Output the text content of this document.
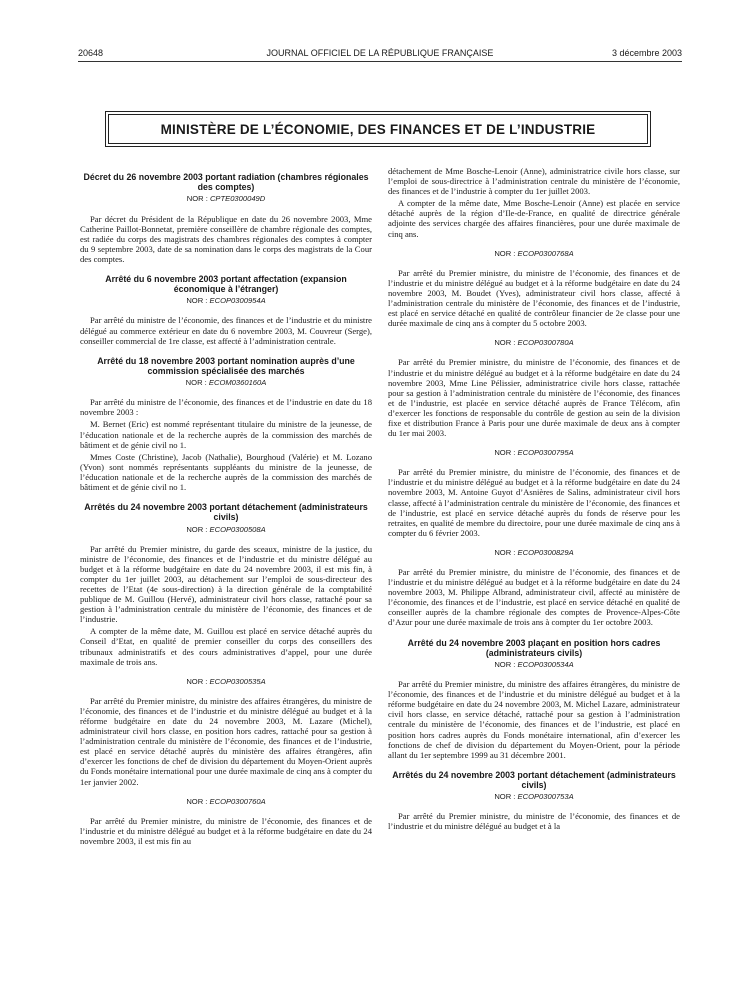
20648	JOURNAL OFFICIEL DE LA RÉPUBLIQUE FRANÇAISE	3 décembre 2003
MINISTÈRE DE L’ÉCONOMIE, DES FINANCES ET DE L’INDUSTRIE
Décret du 26 novembre 2003 portant radiation (chambres régionales des comptes)
NOR : CPTE0300049D

Par décret du Président de la République en date du 26 novembre 2003, Mme Catherine Paillot-Bonnetat, première conseillère de chambre régionale des comptes, est radiée du corps des magistrats des chambres régionales des comptes à compter du 9 septembre 2003, date de sa nomination dans le corps des magistrats de la Cour des comptes.

Arrêté du 6 novembre 2003 portant affectation (expansion économique à l’étranger)
NOR : ECOP0300954A

Par arrêté du ministre de l’économie, des finances et de l’industrie et du ministre délégué au commerce extérieur en date du 6 novembre 2003, M. Couvreur (Serge), conseiller commercial de 1re classe, est affecté à l’administration centrale.

Arrêté du 18 novembre 2003 portant nomination auprès d’une commission spécialisée des marchés
NOR : ECOM0360160A

Par arrêté du ministre de l’économie, des finances et de l’industrie en date du 18 novembre 2003 :

M. Bernet (Eric) est nommé représentant titulaire du ministre de la jeunesse, de l’éducation nationale et de la recherche auprès de la commission des marchés de bâtiment et de génie civil no 1.

Mmes Coste (Christine), Jacob (Nathalie), Bourghoud (Valérie) et M. Lozano (Yvon) sont nommés représentants suppléants du ministre de la jeunesse, de l’éducation nationale et de la recherche auprès de la commission des marchés de bâtiment et de génie civil no 1.

Arrêtés du 24 novembre 2003 portant détachement (administrateurs civils)
NOR : ECOP0300508A

Par arrêté du Premier ministre, du garde des sceaux, ministre de la justice, du ministre de l’économie, des finances et de l’industrie et du ministre délégué au budget et à la réforme budgétaire en date du 24 novembre 2003, il est mis fin, à compter du 1er juillet 2003, au détachement sur l’emploi de sous-directeur des recettes de l’Etat (4e sous-direction) à la direction générale de la comptabilité publique de M. Guillou (Hervé), administrateur civil hors classe, rattaché pour sa gestion à l’administration centrale du ministère de l’économie, des finances et de l’industrie.

A compter de la même date, M. Guillou est placé en service détaché auprès du Conseil d’Etat, en qualité de premier conseiller du corps des conseillers des tribunaux administratifs et des cours administratives d’appel, pour une durée maximale de trois ans.

NOR : ECOP0300535A

Par arrêté du Premier ministre, du ministre des affaires étrangères, du ministre de l’économie, des finances et de l’industrie et du ministre délégué au budget et à la réforme budgétaire en date du 24 novembre 2003, M. Lazare (Michel), administrateur civil hors classe, en position hors cadres, rattaché pour sa gestion à l’administration centrale du ministère de l’économie, des finances et de l’industrie, est placé en service détaché auprès du ministère des affaires étrangères, afin d’exercer les fonctions de chef de division du département du Moyen-Orient auprès du Fonds monétaire international pour une durée maximale de cinq ans à compter du 1er janvier 2002.

NOR : ECOP0300760A

Par arrêté du Premier ministre, du ministre de l’économie, des finances et de l’industrie et du ministre délégué au budget et à la réforme budgétaire en date du 24 novembre 2003, il est mis fin au

détachement de Mme Bosche-Lenoir (Anne), administratrice civile hors classe, sur l’emploi de sous-directrice à l’administration centrale du ministère de l’économie, des finances et de l’industrie à compter du 1er juillet 2003.

A compter de la même date, Mme Bosche-Lenoir (Anne) est placée en service détaché auprès de la région d’Ile-de-France, en qualité de directrice générale adjointe des services chargée des affaires financières, pour une durée maximale de cinq ans.

NOR : ECOP0300768A

Par arrêté du Premier ministre, du ministre de l’économie, des finances et de l’industrie et du ministre délégué au budget et à la réforme budgétaire en date du 24 novembre 2003, M. Boudet (Yves), administrateur civil hors classe, affecté à l’administration centrale du ministère de l’économie, des finances et de l’industrie, est placé en service détaché en qualité de contrôleur financier de 2e classe pour une durée maximale de cinq ans à compter du 5 octobre 2003.

NOR : ECOP0300780A

Par arrêté du Premier ministre, du ministre de l’économie, des finances et de l’industrie et du ministre délégué au budget et à la réforme budgétaire en date du 24 novembre 2003, Mme Line Pélissier, administratrice civile hors classe, rattachée pour sa gestion à l’administration centrale du ministère de l’économie, des finances et de l’industrie, est placée en service détaché auprès de France Télécom, afin d’exercer les fonctions de responsable du contrôle de gestion au sein de la division fixe et distribution France à Paris pour une durée maximale de deux ans à compter du 1er mai 2003.

NOR : ECOP0300795A

Par arrêté du Premier ministre, du ministre de l’économie, des finances et de l’industrie et du ministre délégué au budget et à la réforme budgétaire en date du 24 novembre 2003, M. Antoine Guyot d’Asnières de Salins, administrateur civil hors classe, affecté à l’administration centrale du ministère de l’économie, des finances et de l’industrie, est placé en service détaché auprès du fonds de réserve pour les retraites, en qualité de membre du directoire, pour une durée maximale de cinq ans à compter du 6 février 2003.

NOR : ECOP0300829A

Par arrêté du Premier ministre, du ministre de l’économie, des finances et de l’industrie et du ministre délégué au budget et à la réforme budgétaire en date du 24 novembre 2003, M. Philippe Albrand, administrateur civil, affecté au ministère de l’économie, des finances et de l’industrie, est placé en service détaché en qualité de conseiller auprès de la chambre régionale des comptes de Provence-Alpes-Côte d’Azur pour une durée maximale de trois ans à compter du 1er octobre 2003.

Arrêté du 24 novembre 2003 plaçant en position hors cadres (administrateurs civils)
NOR : ECOP0300534A

Par arrêté du Premier ministre, du ministre des affaires étrangères, du ministre de l’économie, des finances et de l’industrie et du ministre délégué au budget et à la réforme budgétaire en date du 24 novembre 2003, M. Michel Lazare, administrateur civil hors classe, en service détaché, rattaché pour sa gestion à l’administration centrale du ministère de l’économie, des finances et de l’industrie, est placé en position hors cadres auprès du Fonds monétaire international, afin d’exercer les fonctions de chef de division du département du Moyen-Orient, pour la période allant du 1er septembre 1999 au 31 décembre 2001.

Arrêtés du 24 novembre 2003 portant détachement (administrateurs civils)
NOR : ECOP0300753A

Par arrêté du Premier ministre, du ministre de l’économie, des finances et de l’industrie et du ministre délégué au budget et à la
